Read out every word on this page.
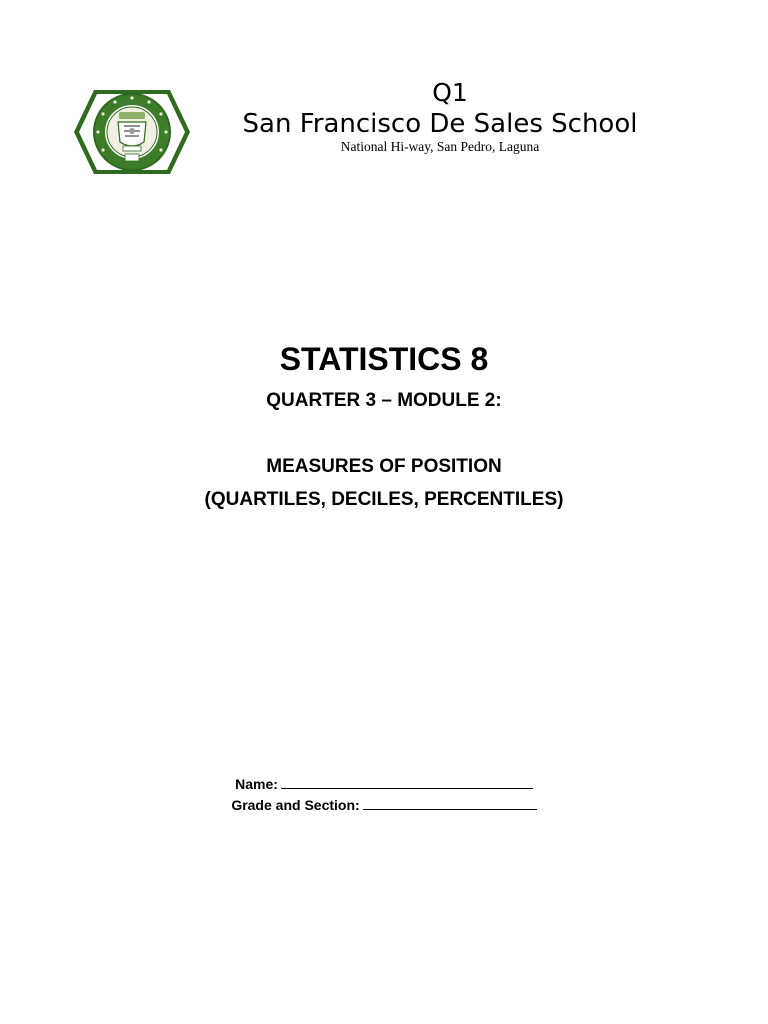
Q1
San Francisco De Sales School
National Hi-way, San Pedro, Laguna
STATISTICS 8
QUARTER 3 – MODULE 2:
MEASURES OF POSITION
(QUARTILES, DECILES, PERCENTILES)
Name:
Grade and Section:
